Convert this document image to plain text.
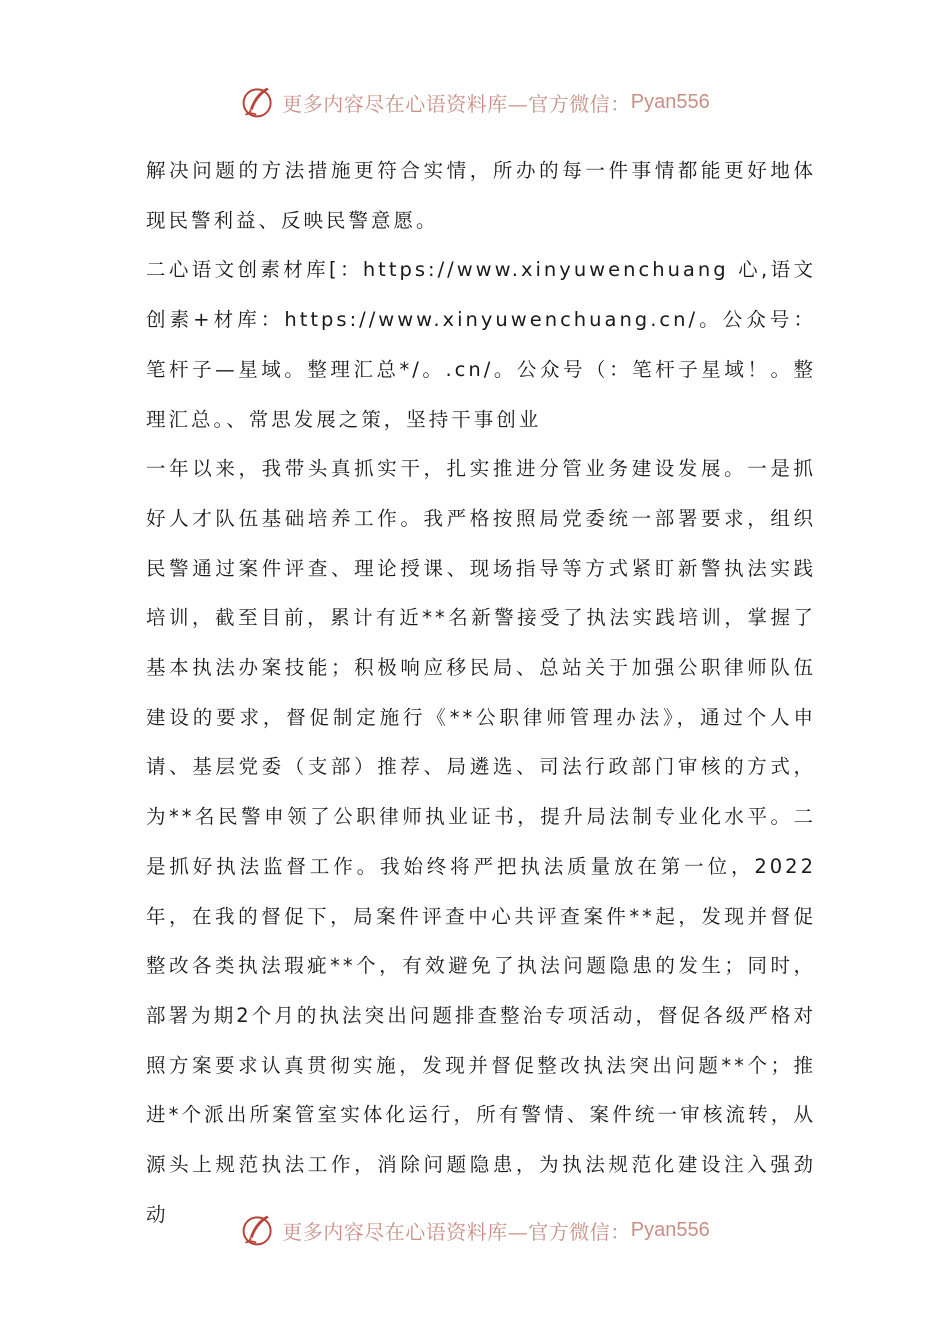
更多内容尽在心语资料库—官方微信： Pyan556

解决问题的方法措施更符合实情，所办的每一件事情都能更好地体现民警利益、反映民警意愿。

二心语文创素材库[：https://www.xinyuwenchuang 心,语文创素+材库：https://www.xinyuwenchuang.cn/。公众号：笔杆子—星域。整理汇总*/。.cn/。公众号（：笔杆子星域！。整理汇总。、常思发展之策，坚持干事创业

一年以来，我带头真抓实干，扎实推进分管业务建设发展。一是抓好人才队伍基础培养工作。我严格按照局党委统一部署要求，组织民警通过案件评查、理论授课、现场指导等方式紧盯新警执法实践培训，截至目前，累计有近**名新警接受了执法实践培训，掌握了基本执法办案技能；积极响应移民局、总站关于加强公职律师队伍建设的要求，督促制定施行《**公职律师管理办法》，通过个人申请、基层党委（支部）推荐、局遴选、司法行政部门审核的方式，为**名民警申领了公职律师执业证书，提升局法制专业化水平。二是抓好执法监督工作。我始终将严把执法质量放在第一位，2022年，在我的督促下，局案件评查中心共评查案件**起，发现并督促整改各类执法瑕疵**个，有效避免了执法问题隐患的发生；同时，部署为期2个月的执法突出问题排查整治专项活动，督促各级严格对照方案要求认真贯彻实施，发现并督促整改执法突出问题**个；推进*个派出所案管室实体化运行，所有警情、案件统一审核流转，从源头上规范执法工作，消除问题隐患，为执法规范化建设注入强劲动

更多内容尽在心语资料库—官方微信： Pyan556
